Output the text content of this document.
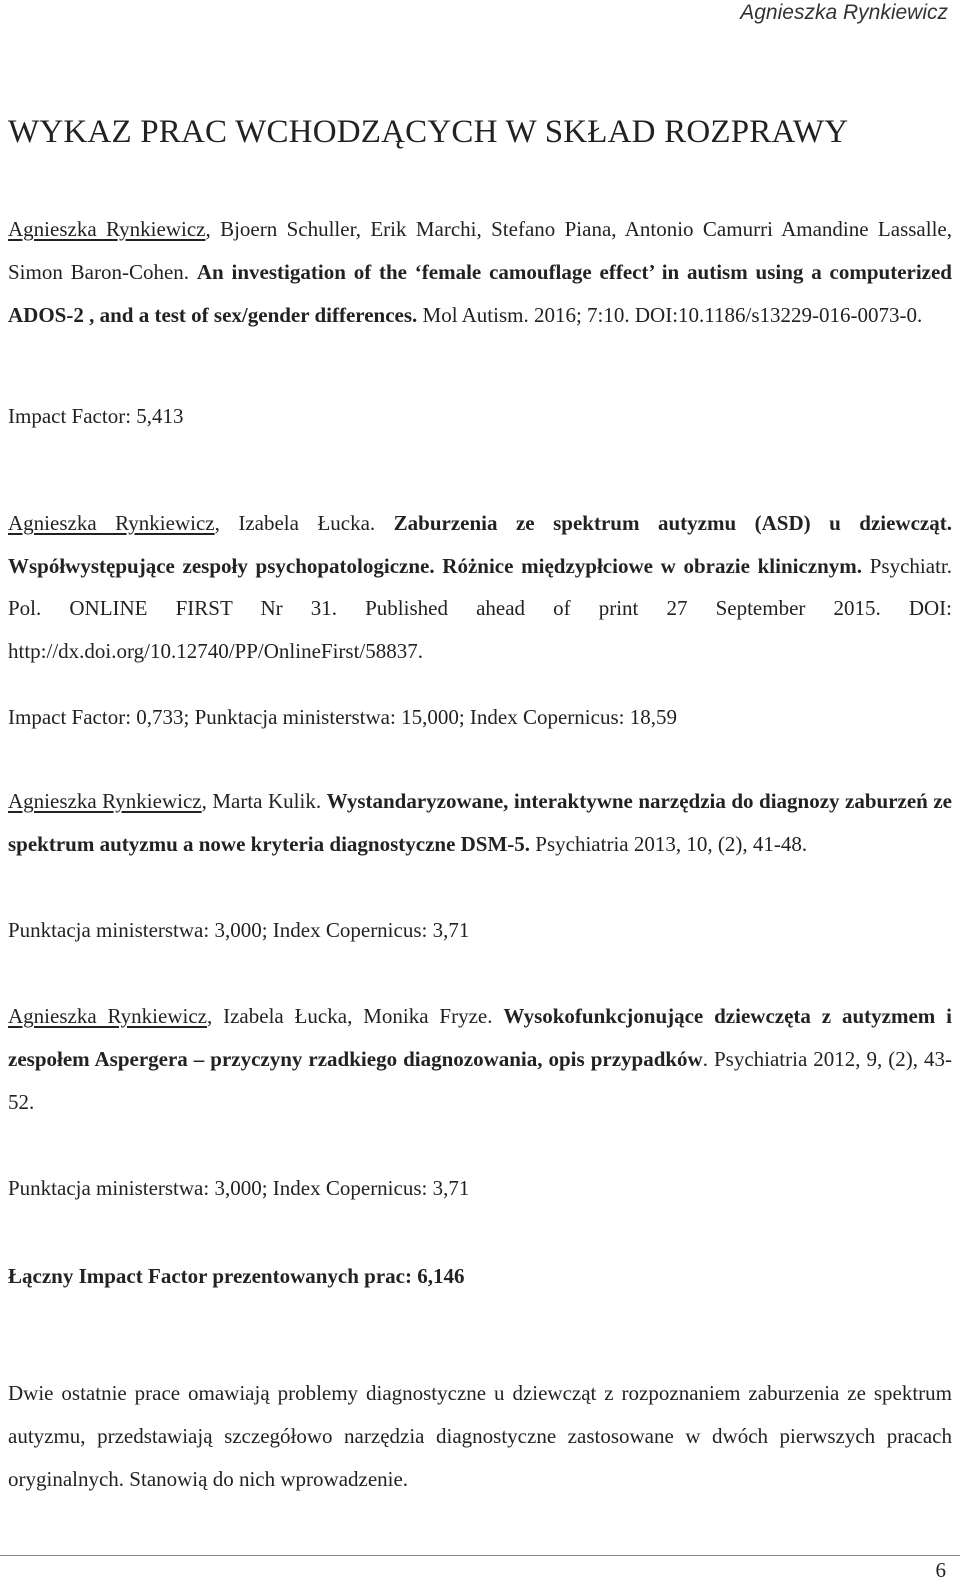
Agnieszka Rynkiewicz
WYKAZ PRAC WCHODZĄCYCH W SKŁAD ROZPRAWY

Agnieszka Rynkiewicz, Bjoern Schuller, Erik Marchi, Stefano Piana, Antonio Camurri Amandine Lassalle, Simon Baron-Cohen. An investigation of the ‘female camouflage effect’ in autism using a computerized ADOS-2 , and a test of sex/gender differences. Mol Autism. 2016; 7:10. DOI:10.1186/s13229-016-0073-0.

Impact Factor: 5,413

Agnieszka Rynkiewicz, Izabela Łucka. Zaburzenia ze spektrum autyzmu (ASD) u dziewcząt. Współwystępujące zespoły psychopatologiczne. Różnice międzypłciowe w obrazie klinicznym. Psychiatr. Pol. ONLINE FIRST Nr 31. Published ahead of print 27 September 2015. DOI: http://dx.doi.org/10.12740/PP/OnlineFirst/58837.

Impact Factor: 0,733; Punktacja ministerstwa: 15,000; Index Copernicus: 18,59

Agnieszka Rynkiewicz, Marta Kulik. Wystandaryzowane, interaktywne narzędzia do diagnozy zaburzeń ze spektrum autyzmu a nowe kryteria diagnostyczne DSM-5. Psychiatria 2013, 10, (2), 41-48.

Punktacja ministerstwa: 3,000; Index Copernicus: 3,71

Agnieszka Rynkiewicz, Izabela Łucka, Monika Fryze. Wysokofunkcjonujące dziewczęta z autyzmem i zespołem Aspergera – przyczyny rzadkiego diagnozowania, opis przypadków. Psychiatria 2012, 9, (2), 43-52.

Punktacja ministerstwa: 3,000; Index Copernicus: 3,71
Łączny Impact Factor prezentowanych prac: 6,146
Dwie ostatnie prace omawiają problemy diagnostyczne u dziewcząt z rozpoznaniem zaburzenia ze spektrum autyzmu, przedstawiają szczegółowo narzędzia diagnostyczne zastosowane w dwóch pierwszych pracach oryginalnych. Stanowią do nich wprowadzenie.
6
